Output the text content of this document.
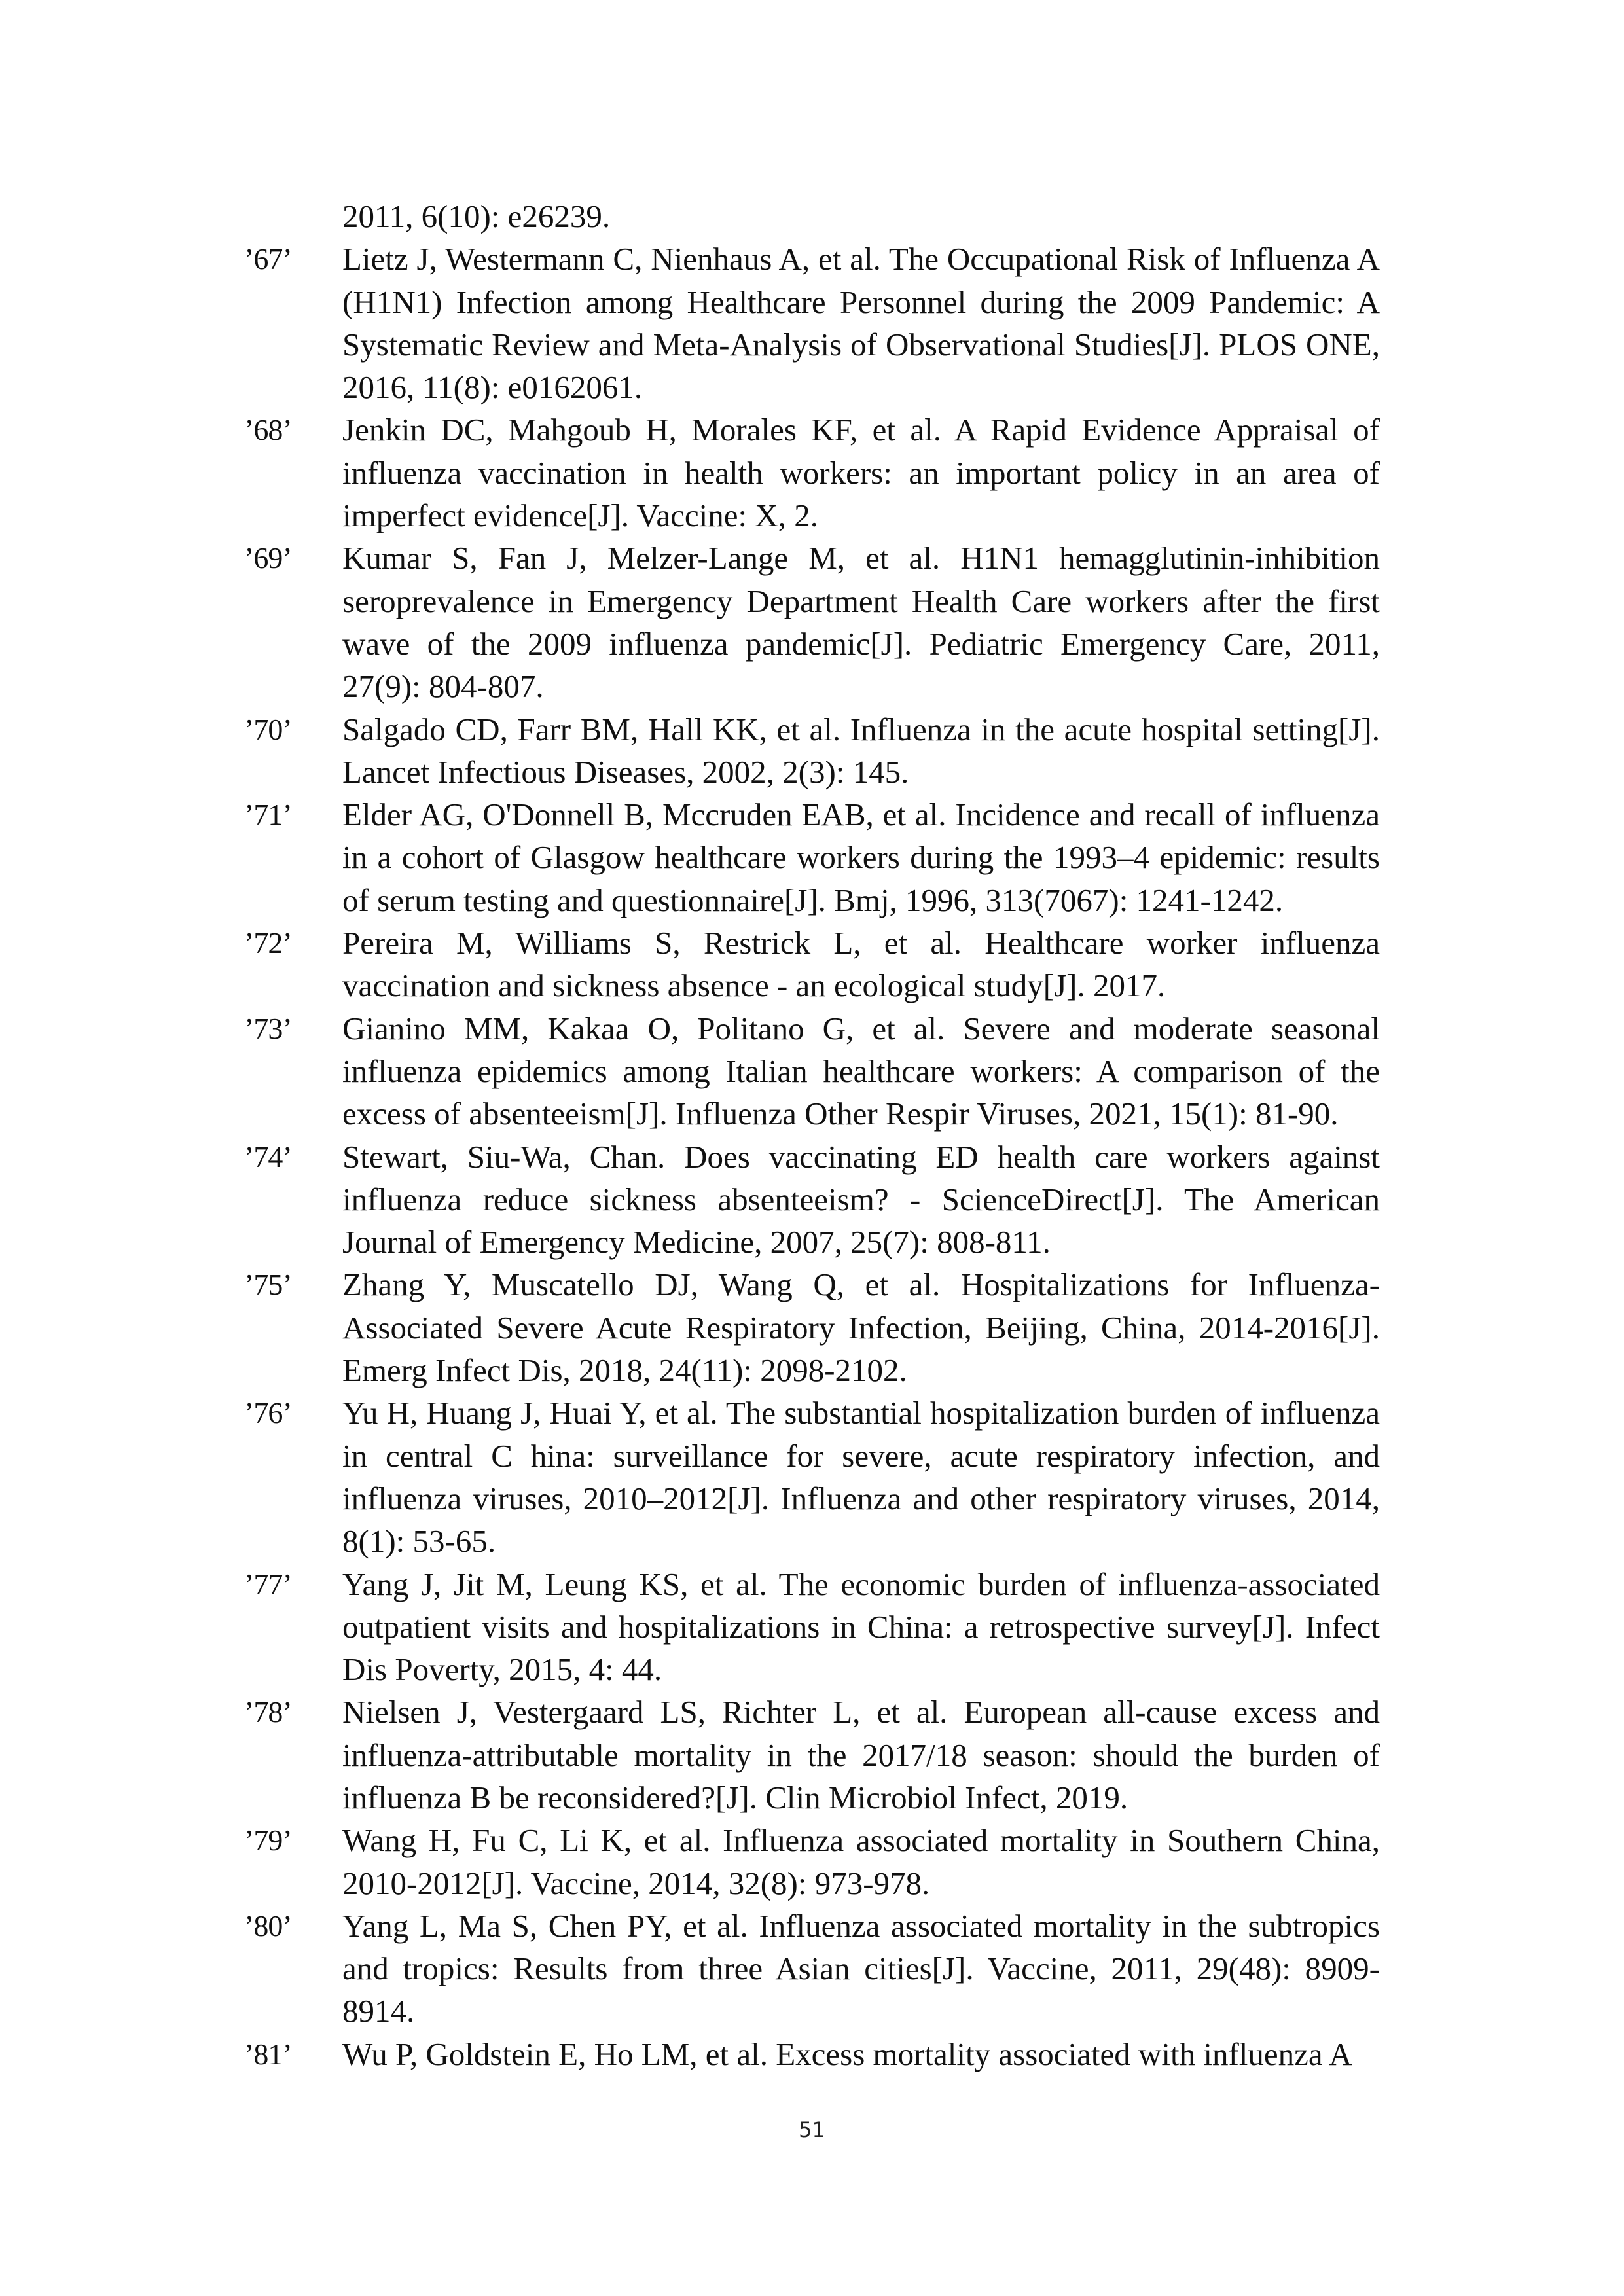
2011, 6(10): e26239.
’67’ Lietz J, Westermann C, Nienhaus A, et al. The Occupational Risk of Influenza A (H1N1) Infection among Healthcare Personnel during the 2009 Pandemic: A Systematic Review and Meta-Analysis of Observational Studies[J]. PLOS ONE, 2016, 11(8): e0162061.
’68’ Jenkin DC, Mahgoub H, Morales KF, et al. A Rapid Evidence Appraisal of influenza vaccination in health workers: an important policy in an area of imperfect evidence[J]. Vaccine: X, 2.
’69’ Kumar S, Fan J, Melzer-Lange M, et al. H1N1 hemagglutinin-inhibition seroprevalence in Emergency Department Health Care workers after the first wave of the 2009 influenza pandemic[J]. Pediatric Emergency Care, 2011, 27(9): 804-807.
’70’ Salgado CD, Farr BM, Hall KK, et al. Influenza in the acute hospital setting[J]. Lancet Infectious Diseases, 2002, 2(3): 145.
’71’ Elder AG, O'Donnell B, Mccruden EAB, et al. Incidence and recall of influenza in a cohort of Glasgow healthcare workers during the 1993–4 epidemic: results of serum testing and questionnaire[J]. Bmj, 1996, 313(7067): 1241-1242.
’72’ Pereira M, Williams S, Restrick L, et al. Healthcare worker influenza vaccination and sickness absence - an ecological study[J]. 2017.
’73’ Gianino MM, Kakaa O, Politano G, et al. Severe and moderate seasonal influenza epidemics among Italian healthcare workers: A comparison of the excess of absenteeism[J]. Influenza Other Respir Viruses, 2021, 15(1): 81-90.
’74’ Stewart, Siu-Wa, Chan. Does vaccinating ED health care workers against influenza reduce sickness absenteeism? - ScienceDirect[J]. The American Journal of Emergency Medicine, 2007, 25(7): 808-811.
’75’ Zhang Y, Muscatello DJ, Wang Q, et al. Hospitalizations for Influenza-Associated Severe Acute Respiratory Infection, Beijing, China, 2014-2016[J]. Emerg Infect Dis, 2018, 24(11): 2098-2102.
’76’ Yu H, Huang J, Huai Y, et al. The substantial hospitalization burden of influenza in central C hina: surveillance for severe, acute respiratory infection, and influenza viruses, 2010–2012[J]. Influenza and other respiratory viruses, 2014, 8(1): 53-65.
’77’ Yang J, Jit M, Leung KS, et al. The economic burden of influenza-associated outpatient visits and hospitalizations in China: a retrospective survey[J]. Infect Dis Poverty, 2015, 4: 44.
’78’ Nielsen J, Vestergaard LS, Richter L, et al. European all-cause excess and influenza-attributable mortality in the 2017/18 season: should the burden of influenza B be reconsidered?[J]. Clin Microbiol Infect, 2019.
’79’ Wang H, Fu C, Li K, et al. Influenza associated mortality in Southern China, 2010-2012[J]. Vaccine, 2014, 32(8): 973-978.
’80’ Yang L, Ma S, Chen PY, et al. Influenza associated mortality in the subtropics and tropics: Results from three Asian cities[J]. Vaccine, 2011, 29(48): 8909-8914.
’81’ Wu P, Goldstein E, Ho LM, et al. Excess mortality associated with influenza A
51
